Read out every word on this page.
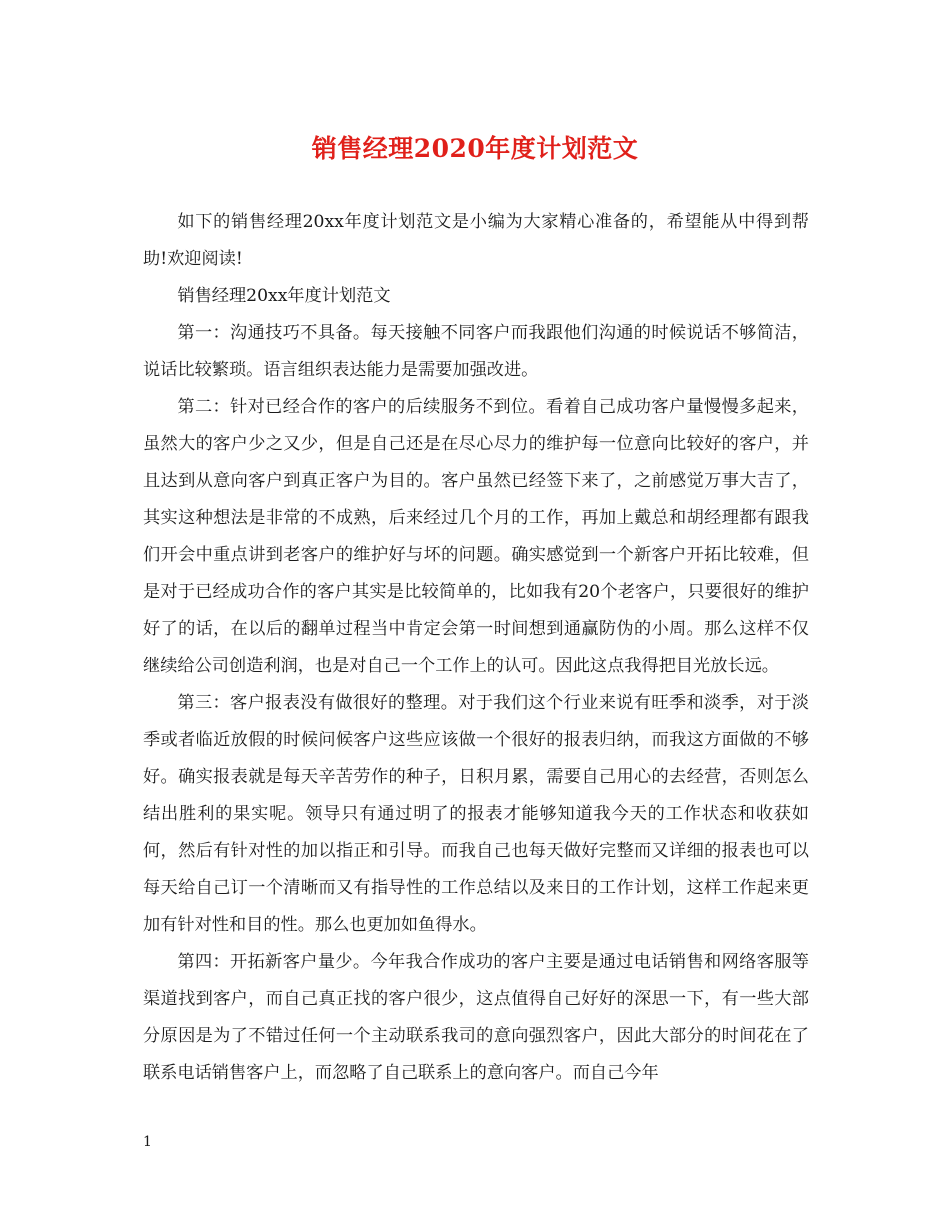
销售经理2020年度计划范文

如下的销售经理20xx年度计划范文是小编为大家精心准备的，希望能从中得到帮助!欢迎阅读!

销售经理20xx年度计划范文

第一：沟通技巧不具备。每天接触不同客户而我跟他们沟通的时候说话不够简洁，说话比较繁琐。语言组织表达能力是需要加强改进。

第二：针对已经合作的客户的后续服务不到位。看着自己成功客户量慢慢多起来，虽然大的客户少之又少，但是自己还是在尽心尽力的维护每一位意向比较好的客户，并且达到从意向客户到真正客户为目的。客户虽然已经签下来了，之前感觉万事大吉了，其实这种想法是非常的不成熟，后来经过几个月的工作，再加上戴总和胡经理都有跟我们开会中重点讲到老客户的维护好与坏的问题。确实感觉到一个新客户开拓比较难，但是对于已经成功合作的客户其实是比较简单的，比如我有20个老客户，只要很好的维护好了的话，在以后的翻单过程当中肯定会第一时间想到通赢防伪的小周。那么这样不仅继续给公司创造利润，也是对自己一个工作上的认可。因此这点我得把目光放长远。

第三：客户报表没有做很好的整理。对于我们这个行业来说有旺季和淡季，对于淡季或者临近放假的时候问候客户这些应该做一个很好的报表归纳，而我这方面做的不够好。确实报表就是每天辛苦劳作的种子，日积月累，需要自己用心的去经营，否则怎么结出胜利的果实呢。领导只有通过明了的报表才能够知道我今天的工作状态和收获如何，然后有针对性的加以指正和引导。而我自己也每天做好完整而又详细的报表也可以每天给自己订一个清晰而又有指导性的工作总结以及来日的工作计划，这样工作起来更加有针对性和目的性。那么也更加如鱼得水。

第四：开拓新客户量少。今年我合作成功的客户主要是通过电话销售和网络客服等渠道找到客户，而自己真正找的客户很少，这点值得自己好好的深思一下，有一些大部分原因是为了不错过任何一个主动联系我司的意向强烈客户，因此大部分的时间花在了联系电话销售客户上，而忽略了自己联系上的意向客户。而自己今年

1
